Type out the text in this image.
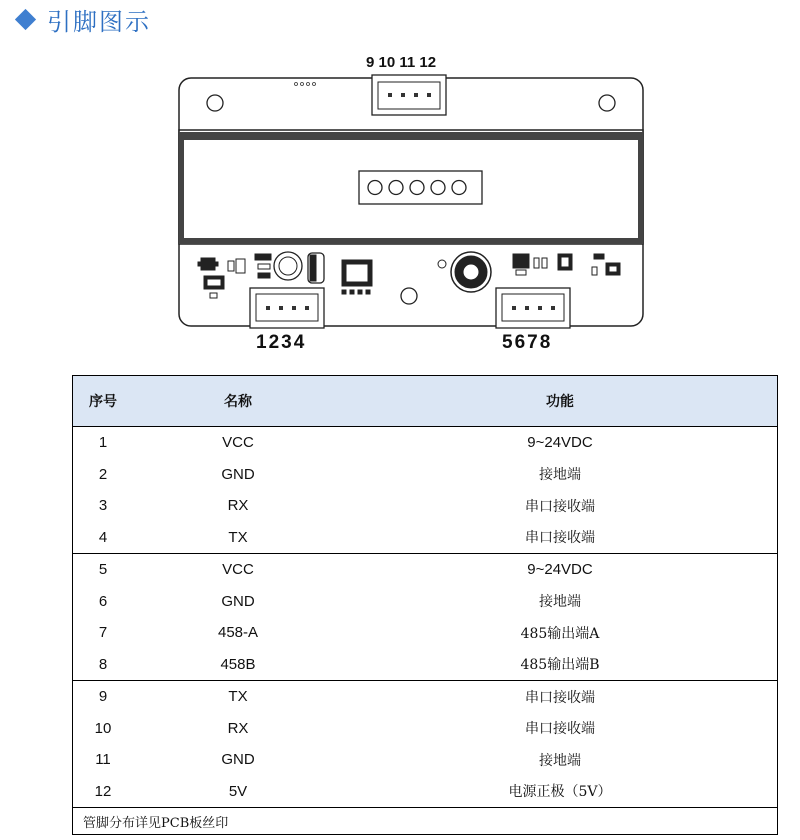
引脚图示
9 10 11 12
1234	5678
序号	名称	功能
1	VCC	9~24VDC
2	GND	接地端
3	RX	串口接收端
4	TX	串口接收端
5	VCC	9~24VDC
6	GND	接地端
7	458-A	485输出端A
8	458B	485输出端B
9	TX	串口接收端
10	RX	串口接收端
11	GND	接地端
12	5V	电源正极（5V）
管脚分布详见PCB板丝印
